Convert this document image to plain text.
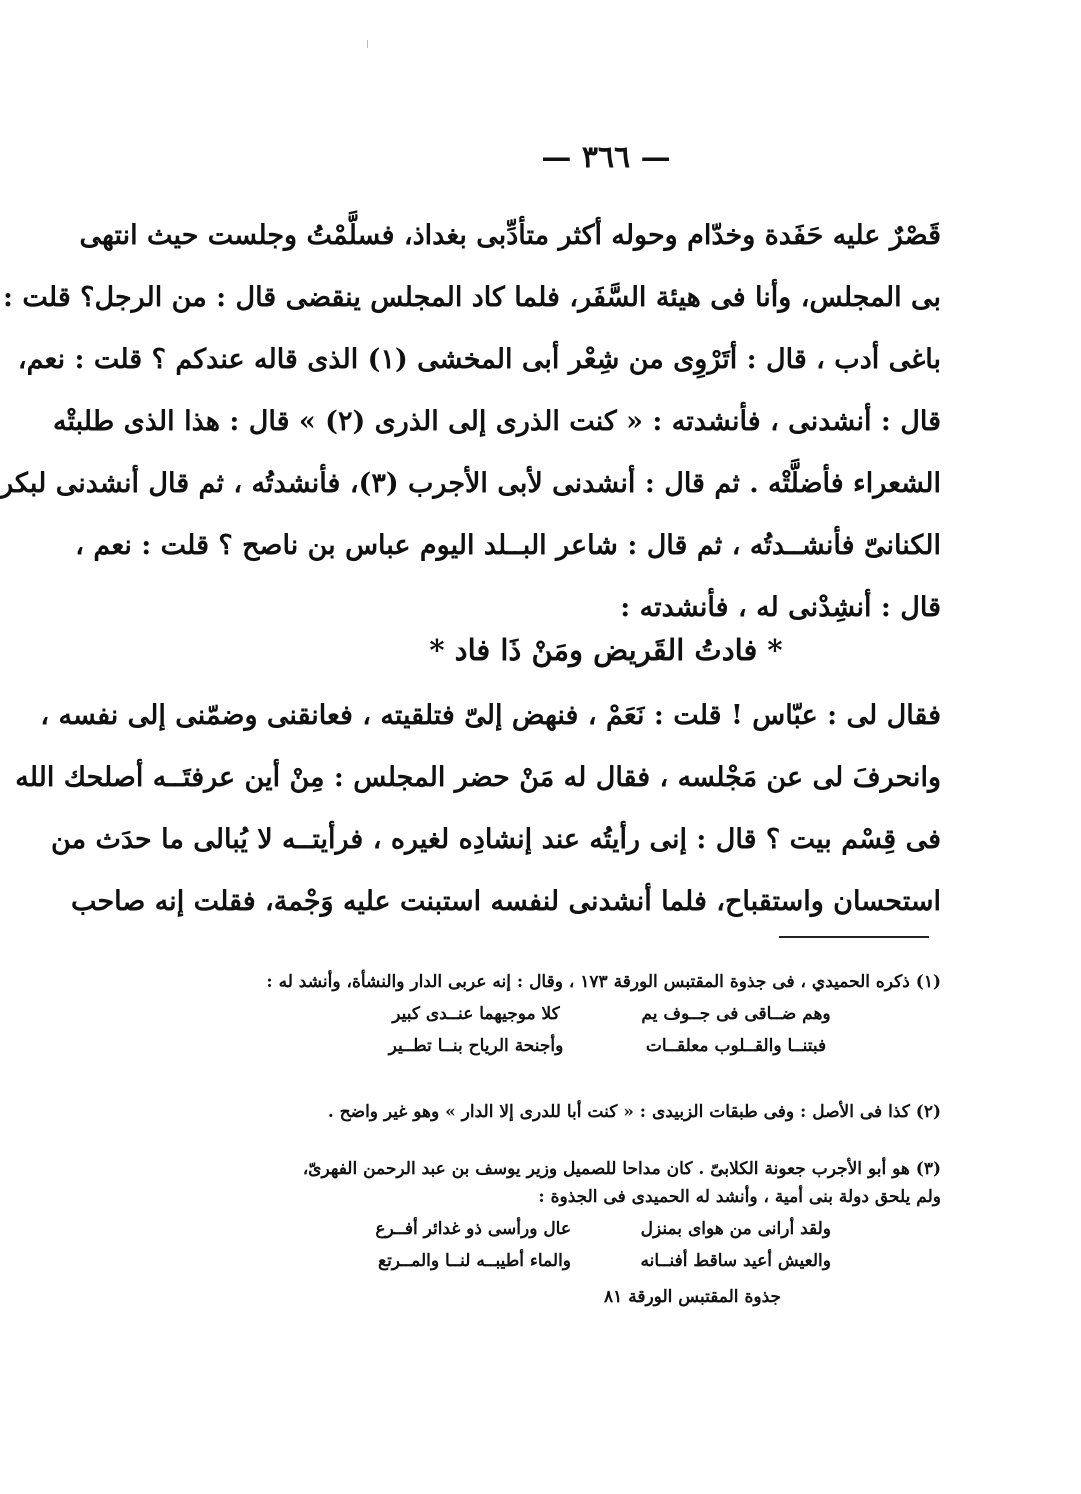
— ٣٦٦ —
قَصْرٌ عليه حَفَدة وخدّام وحوله أكثر متأدِّبى بغداذ، فسلَّمْتُ وجلست حيث انتهى
بى المجلس، وأنا فى هيئة السَّفَر، فلما كاد المجلس ينقضى قال : من الرجل؟ قلت :
باغى أدب ، قال : أتَرْوِى من شِعْر أبى المخشى (١) الذى قاله عندكم ؟ قلت : نعم،
قال : أنشدنى ، فأنشدته : « كنت الذرى إلى الذرى (٢) » قال : هذا الذى طلبتْه
الشعراء فأضلَّتْه . ثم قال : أنشدنى لأبى الأجرب (٣)، فأنشدتُه ، ثم قال أنشدنى لبكر
الكنانىّ فأنشــدتُه ، ثم قال : شاعر البــلد اليوم عباس بن ناصح ؟ قلت : نعم ،
قال : أنشِدْنى له ، فأنشدته :
* فادتُ القَريض ومَنْ ذَا فاد *
فقال لى : عبّاس ! قلت : نَعَمْ ، فنهض إلىّ فتلقيته ، فعانقنى وضمّنى إلى نفسه ،
وانحرفَ لى عن مَجْلسه ، فقال له مَنْ حضر المجلس : مِنْ أين عرفتَــه أصلحك الله
فى قِسْم بيت ؟ قال : إنى رأيتُه عند إنشادِه لغيره ، فرأيتــه لا يُبالى ما حدَث من
استحسان واستقباح، فلما أنشدنى لنفسه استبنت عليه وَجْمة، فقلت إنه صاحب
(١) ذكره الحميدي ، فى جذوة المقتبس الورقة ١٧٣ ، وقال : إنه عربى الدار والنشأة، وأنشد له :
وهم ضــاقى فى جــوف يم
كلا موجيهما عنــدى كبير
فبتنــا والقــلوب معلقــات
وأجنحة الرياح بنــا تطــير
(٢) كذا فى الأصل : وفى طبقات الزبيدى : « كنت أبا للدرى إلا الدار » وهو غير واضح .
(٣) هو أبو الأجرب جعونة الكلابىّ . كان مداحا للصميل وزير يوسف بن عبد الرحمن الفهرىّ،
ولم يلحق دولة بنى أمية ، وأنشد له الحميدى فى الجذوة :
ولقد أرانى من هواى بمنزل
عال ورأسى ذو غدائر أفــرع
والعيش أعيد ساقط أفنــانه
والماء أطيبــه لنــا والمــرتع
جذوة المقتبس الورقة ٨١
